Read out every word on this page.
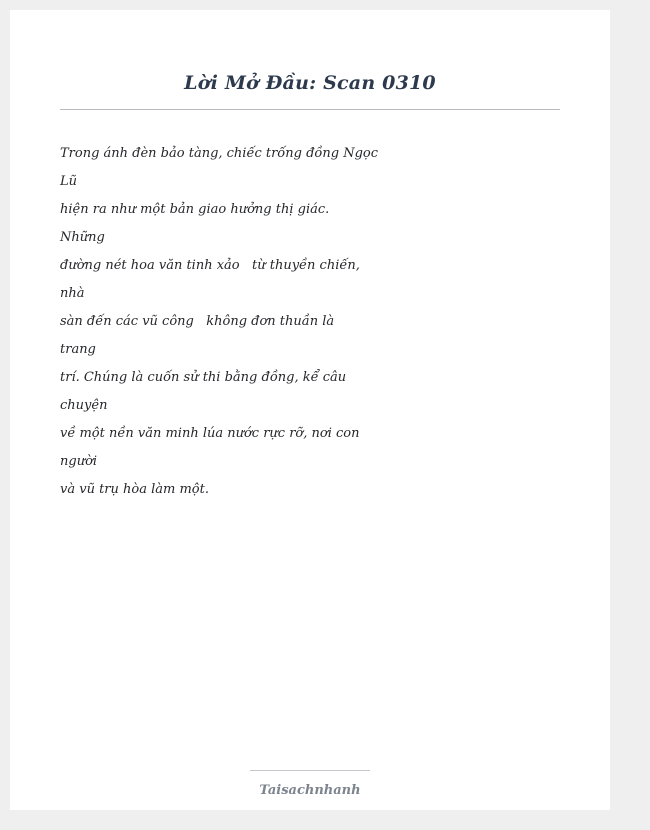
Lời Mở Đầu: Scan 0310
Trong ánh đèn bảo tàng, chiếc trống đồng Ngọc
Lũ
hiện ra như một bản giao hưởng thị giác.
Những
đường nét hoa văn tinh xảo   từ thuyền chiến,
nhà
sàn đến các vũ công   không đơn thuần là
trang
trí. Chúng là cuốn sử thi bằng đồng, kể câu
chuyện
về một nền văn minh lúa nước rực rỡ, nơi con
người
và vũ trụ hòa làm một.
Taisachnhanh
